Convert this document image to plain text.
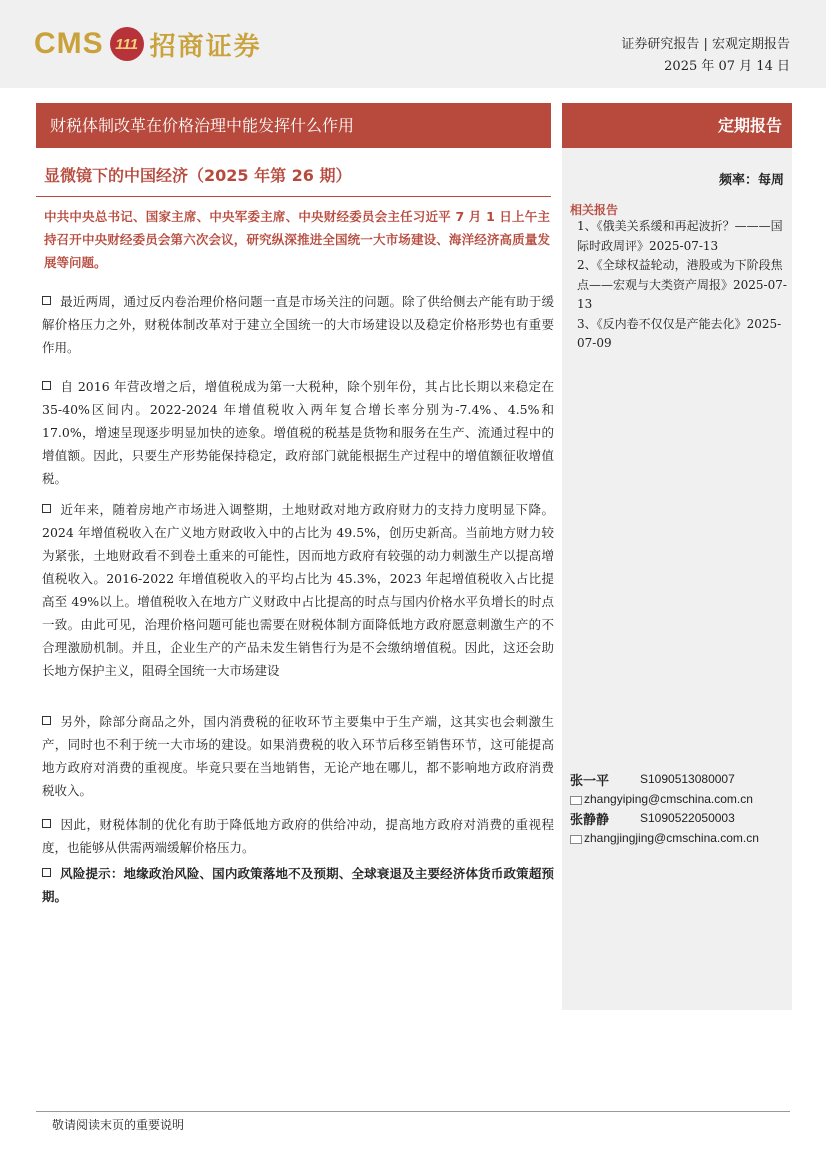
CMS 111 招商证券	证券研究报告 | 宏观定期报告
2025 年 07 月 14 日
财税体制改革在价格治理中能发挥什么作用	定期报告
显微镜下的中国经济（2025 年第 26 期）	频率：每周
相关报告

1、《俄美关系缓和再起波折？———国际时政周评》2025-07-13

2、《全球权益轮动，港股或为下阶段焦点——宏观与大类资产周报》2025-07-13

3、《反内卷不仅仅是产能去化》2025-07-09

中共中央总书记、国家主席、中央军委主席、中央财经委员会主任习近平 7 月 1 日上午主持召开中央财经委员会第六次会议，研究纵深推进全国统一大市场建设、海洋经济高质量发展等问题。
最近两周，通过反内卷治理价格问题一直是市场关注的问题。除了供给侧去产能有助于缓解价格压力之外，财税体制改革对于建立全国统一的大市场建设以及稳定价格形势也有重要作用。
自 2016 年营改增之后，增值税成为第一大税种，除个别年份，其占比长期以来稳定在 35-40%区间内。2022-2024 年增值税收入两年复合增长率分别为-7.4%、4.5%和 17.0%，增速呈现逐步明显加快的迹象。增值税的税基是货物和服务在生产、流通过程中的增值额。因此，只要生产形势能保持稳定，政府部门就能根据生产过程中的增值额征收增值税。
近年来，随着房地产市场进入调整期，土地财政对地方政府财力的支持力度明显下降。2024 年增值税收入在广义地方财政收入中的占比为 49.5%，创历史新高。当前地方财力较为紧张，土地财政看不到卷土重来的可能性，因而地方政府有较强的动力刺激生产以提高增值税收入。2016-2022 年增值税收入的平均占比为 45.3%，2023 年起增值税收入占比提高至 49%以上。增值税收入在地方广义财政中占比提高的时点与国内价格水平负增长的时点一致。由此可见，治理价格问题可能也需要在财税体制方面降低地方政府愿意刺激生产的不合理激励机制。并且，企业生产的产品未发生销售行为是不会缴纳增值税。因此，这还会助长地方保护主义，阻碍全国统一大市场建设
另外，除部分商品之外，国内消费税的征收环节主要集中于生产端，这其实也会刺激生产，同时也不利于统一大市场的建设。如果消费税的收入环节后移至销售环节，这可能提高地方政府对消费的重视度。毕竟只要在当地销售，无论产地在哪儿，都不影响地方政府消费税收入。
因此，财税体制的优化有助于降低地方政府的供给冲动，提高地方政府对消费的重视程度，也能够从供需两端缓解价格压力。
风险提示：地缘政治风险、国内政策落地不及预期、全球衰退及主要经济体货币政策超预期。
张一平	S1090513080007
zhangyiping@cmschina.com.cn
张静静	S1090522050003
zhangjingjing@cmschina.com.cn
敬请阅读末页的重要说明
